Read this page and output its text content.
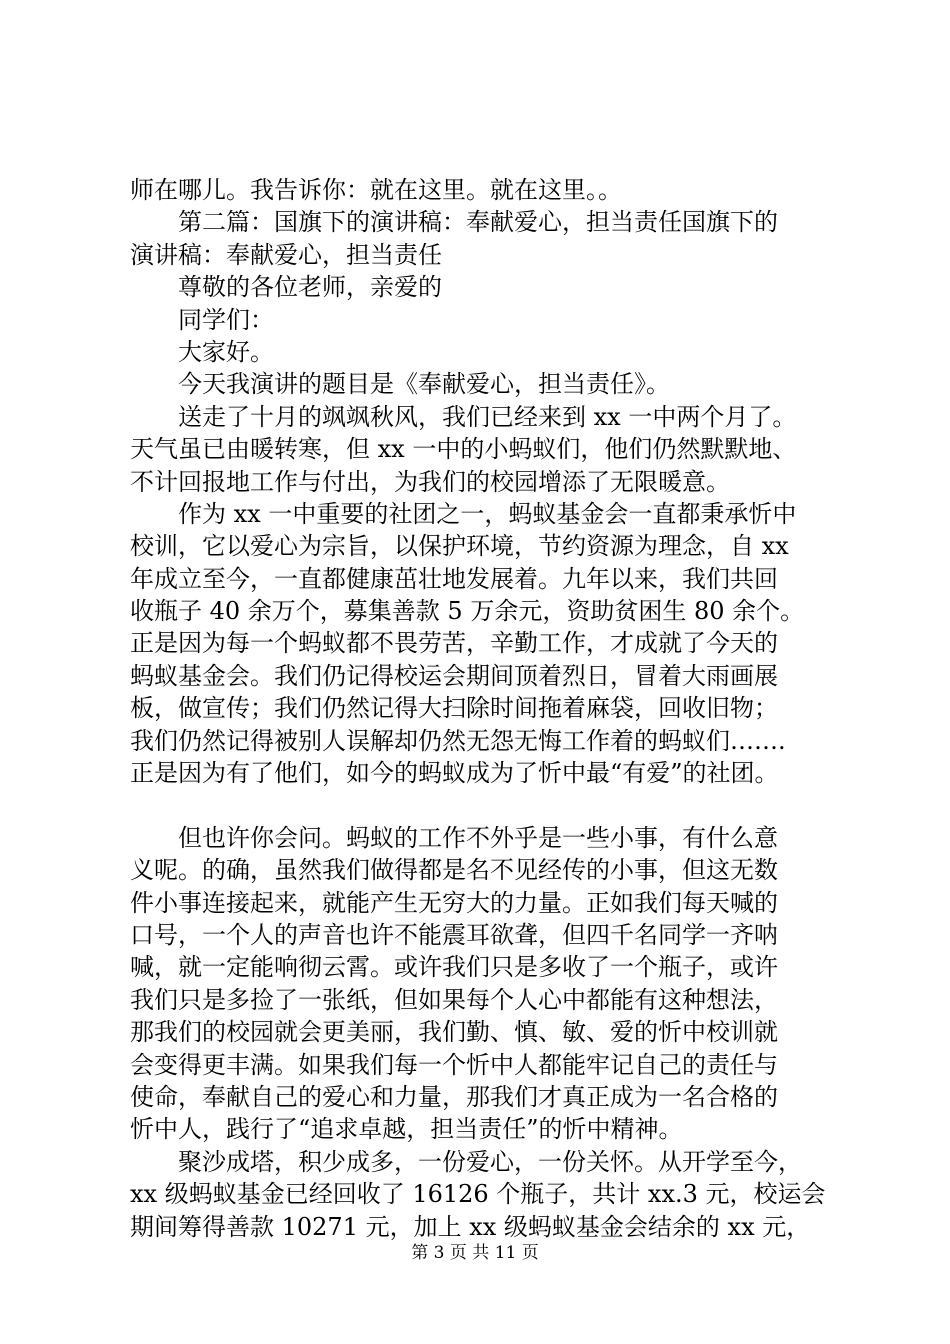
师在哪儿。我告诉你：就在这里。就在这里。。
第二篇：国旗下的演讲稿：奉献爱心，担当责任国旗下的
演讲稿：奉献爱心，担当责任
尊敬的各位老师，亲爱的
同学们：
大家好。
今天我演讲的题目是《奉献爱心，担当责任》。
送走了十月的飒飒秋风，我们已经来到 xx 一中两个月了。
天气虽已由暖转寒，但 xx 一中的小蚂蚁们，他们仍然默默地、
不计回报地工作与付出，为我们的校园增添了无限暖意。
作为 xx 一中重要的社团之一，蚂蚁基金会一直都秉承忻中
校训，它以爱心为宗旨，以保护环境，节约资源为理念，自 xx
年成立至今，一直都健康茁壮地发展着。九年以来，我们共回
收瓶子 40 余万个，募集善款 5 万余元，资助贫困生 80 余个。
正是因为每一个蚂蚁都不畏劳苦，辛勤工作，才成就了今天的
蚂蚁基金会。我们仍记得校运会期间顶着烈日，冒着大雨画展
板，做宣传；我们仍然记得大扫除时间拖着麻袋，回收旧物；
我们仍然记得被别人误解却仍然无怨无悔工作着的蚂蚁们…….
正是因为有了他们，如今的蚂蚁成为了忻中最“有爱”的社团。
但也许你会问。蚂蚁的工作不外乎是一些小事，有什么意
义呢。的确，虽然我们做得都是名不见经传的小事，但这无数
件小事连接起来，就能产生无穷大的力量。正如我们每天喊的
口号，一个人的声音也许不能震耳欲聋，但四千名同学一齐呐
喊，就一定能响彻云霄。或许我们只是多收了一个瓶子，或许
我们只是多捡了一张纸，但如果每个人心中都能有这种想法，
那我们的校园就会更美丽，我们勤、慎、敏、爱的忻中校训就
会变得更丰满。如果我们每一个忻中人都能牢记自己的责任与
使命，奉献自己的爱心和力量，那我们才真正成为一名合格的
忻中人，践行了“追求卓越，担当责任”的忻中精神。
聚沙成塔，积少成多，一份爱心，一份关怀。从开学至今，
xx 级蚂蚁基金已经回收了 16126 个瓶子，共计 xx.3 元，校运会
期间筹得善款 10271 元，加上 xx 级蚂蚁基金会结余的 xx 元，
第 3 页 共 11 页
